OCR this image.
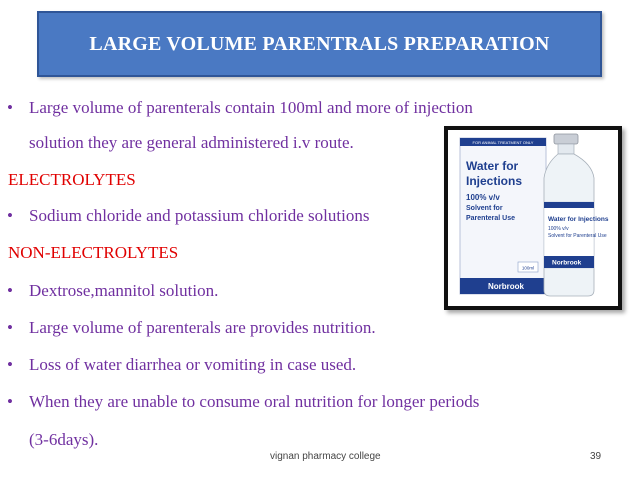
LARGE VOLUME PARENTRALS PREPARATION
• Large volume of parenterals contain 100ml and more of injection
solution they are general administered i.v route.
ELECTROLYTES
• Sodium chloride and potassium chloride solutions
NON-ELECTROLYTES
• Dextrose,mannitol solution.
• Large volume of parenterals are provides nutrition.
• Loss of water diarrhea or vomiting in case used.
• When they are unable to consume oral nutrition for longer periods
(3-6days).
FOR ANIMAL TREATMENT ONLY
Water for
Injections
100% v/v
Solvent for
Parenteral Use
100ml
Norbrook
Water for Injections
100% v/v
Solvent for Parenteral Use
Norbrook
vignan pharmacy college	39
